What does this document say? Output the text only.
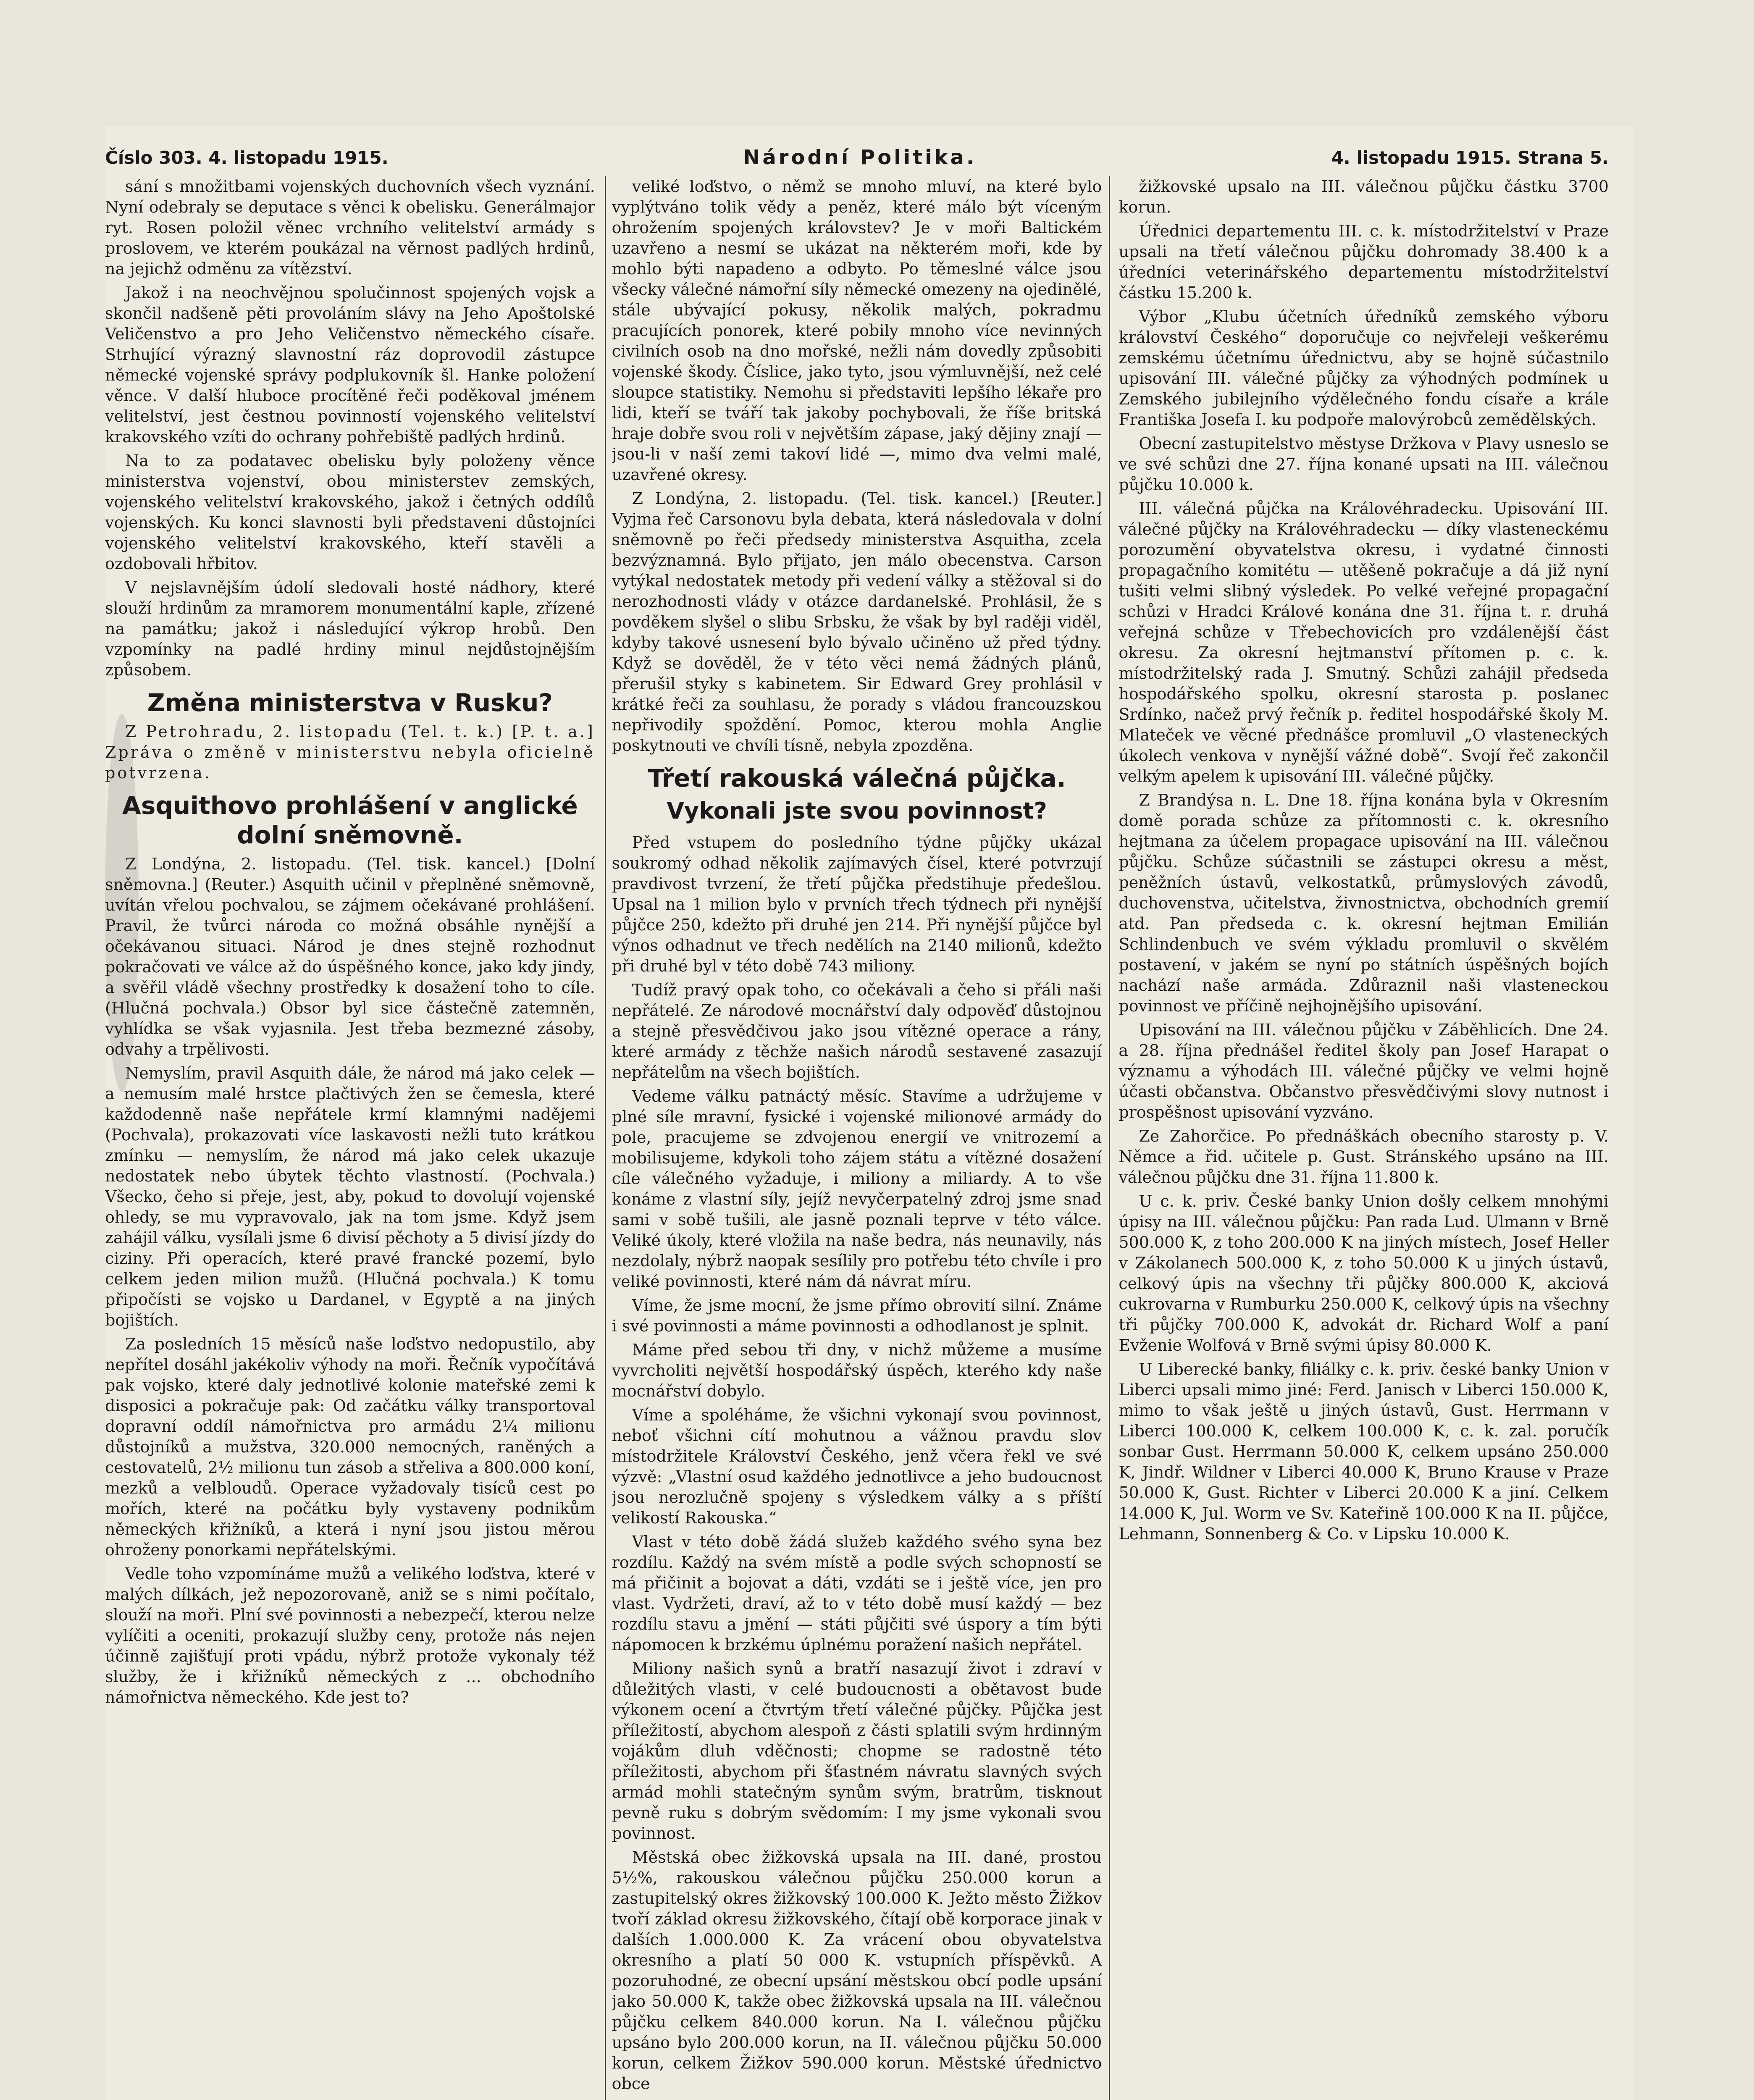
Číslo 303. 4. listopadu 1915.	Národní Politika.	4. listopadu 1915. Strana 5.

sání s množitbami vojenských duchovních všech vyznání. Nyní odebraly se deputace s věnci k obelisku. Generálmajor ryt. Rosen položil věnec vrchního velitelství armády s proslovem, ve kterém poukázal na věrnost padlých hrdinů, na jejichž odměnu za vítězství.

Jakož i na neochvějnou spolučinnost spojených vojsk a skončil nadšeně pěti provoláním slávy na Jeho Apoštolské Veličenstvo a pro Jeho Veličenstvo německého císaře. Strhující výrazný slavnostní ráz doprovodil zástupce německé vojenské správy podplukovník šl. Hanke položení věnce. V další hluboce procítěné řeči poděkoval jménem velitelství, jest čestnou povinností vojenského velitelství krakovského vzíti do ochrany pohřebiště padlých hrdinů.

Na to za podatavec obelisku byly položeny věnce ministerstva vojenství, obou ministerstev zemských, vojenského velitelství krakovského, jakož i četných oddílů vojenských. Ku konci slavnosti byli představeni důstojníci vojenského velitelství krakovského, kteří stavěli a ozdobovali hřbitov.

V nejslavnějším údolí sledovali hosté nádhory, které slouží hrdinům za mramorem monumentální kaple, zřízené na památku; jakož i následující výkrop hrobů. Den vzpomínky na padlé hrdiny minul nejdůstojnějším způsobem.

Změna ministerstva v Rusku?

Z Petrohradu, 2. listopadu (Tel. t. k.) [P. t. a.] Zpráva o změně v ministerstvu nebyla oficielně potvrzena.

Asquithovo prohlášení v anglické dolní sněmovně.

Z Londýna, 2. listopadu. (Tel. tisk. kancel.) [Dolní sněmovna.] (Reuter.) Asquith učinil v přeplněné sněmovně, uvítán vřelou pochvalou, se zájmem očekávané prohlášení. Pravil, že tvůrci národa co možná obsáhle nynější a očekávanou situaci. Národ je dnes stejně rozhodnut pokračovati ve válce až do úspěšného konce, jako kdy jindy, a svěřil vládě všechny prostředky k dosažení toho to cíle. (Hlučná pochvala.) Obsor byl sice částečně zatemněn, vyhlídka se však vyjasnila. Jest třeba bezmezné zásoby, odvahy a trpělivosti.

Nemyslím, pravil Asquith dále, že národ má jako celek — a nemusím malé hrstce plačtivých žen se čemesla, které každodenně naše nepřátele krmí klamnými nadějemi (Pochvala), prokazovati více laskavosti nežli tuto krátkou zmínku — nemyslím, že národ má jako celek ukazuje nedostatek nebo úbytek těchto vlastností. (Pochvala.) Všecko, čeho si přeje, jest, aby, pokud to dovolují vojenské ohledy, se mu vypravovalo, jak na tom jsme. Když jsem zahájil válku, vysílali jsme 6 divisí pěchoty a 5 divisí jízdy do ciziny. Při operacích, které pravé francké pozemí, bylo celkem jeden milion mužů. (Hlučná pochvala.) K tomu připočísti se vojsko u Dardanel, v Egyptě a na jiných bojištích.

Za posledních 15 měsíců naše loďstvo nedopustilo, aby nepřítel dosáhl jakékoliv výhody na moři. Řečník vypočítává pak vojsko, které daly jednotlivé kolonie mateřské zemi k disposici a pokračuje pak: Od začátku války transportoval dopravní oddíl námořnictva pro armádu 2¼ milionu důstojníků a mužstva, 320.000 nemocných, raněných a cestovatelů, 2½ milionu tun zásob a střeliva a 800.000 koní, mezků a velbloudů. Operace vyžadovaly tisíců cest po mořích, které na počátku byly vystaveny podnikům německých křižníků, a která i nyní jsou jistou měrou ohroženy ponorkami nepřátelskými.

Vedle toho vzpomínáme mužů a velikého loďstva, které v malých dílkách, jež nepozorovaně, aniž se s nimi počítalo, slouží na moři. Plní své povinnosti a nebezpečí, kterou nelze vylíčiti a oceniti, prokazují služby ceny, protože nás nejen účinně zajišťují proti vpádu, nýbrž protože vykonaly též služby, že i křižníků německých z ... obchodního námořnictva německého. Kde jest to?

veliké loďstvo, o němž se mnoho mluví, na které bylo vyplýtváno tolik vědy a peněz, které málo být víceným ohrožením spojených královstev? Je v moři Baltickém uzavřeno a nesmí se ukázat na některém moři, kde by mohlo býti napadeno a odbyto. Po těmeslné válce jsou všecky válečné námořní síly německé omezeny na ojedinělé, stále ubývající pokusy, několik malých, pokradmu pracujících ponorek, které pobily mnoho více nevinných civilních osob na dno mořské, nežli nám dovedly způsobiti vojenské škody. Číslice, jako tyto, jsou výmluvnější, než celé sloupce statistiky. Nemohu si představiti lepšího lékaře pro lidi, kteří se tváří tak jakoby pochybovali, že říše britská hraje dobře svou roli v největším zápase, jaký dějiny znají — jsou-li v naší zemi takoví lidé —, mimo dva velmi malé, uzavřené okresy.

Z Londýna, 2. listopadu. (Tel. tisk. kancel.) [Reuter.] Vyjma řeč Carsonovu byla debata, která následovala v dolní sněmovně po řeči předsedy ministerstva Asquitha, zcela bezvýznamná. Bylo přijato, jen málo obecenstva. Carson vytýkal nedostatek metody při vedení války a stěžoval si do nerozhodnosti vlády v otázce dardanelské. Prohlásil, že s povděkem slyšel o slibu Srbsku, že však by byl raději viděl, kdyby takové usnesení bylo bývalo učiněno už před týdny. Když se dověděl, že v této věci nemá žádných plánů, přerušil styky s kabinetem. Sir Edward Grey prohlásil v krátké řeči za souhlasu, že porady s vládou francouzskou nepřivodily spoždění. Pomoc, kterou mohla Anglie poskytnouti ve chvíli tísně, nebyla zpozděna.

Třetí rakouská válečná půjčka.
Vykonali jste svou povinnost?

Před vstupem do posledního týdne půjčky ukázal soukromý odhad několik zajímavých čísel, které potvrzují pravdivost tvrzení, že třetí půjčka předstihuje předešlou. Upsal na 1 milion bylo v prvních třech týdnech při nynější půjčce 250, kdežto při druhé jen 214. Při nynější půjčce byl výnos odhadnut ve třech nedělích na 2140 milionů, kdežto při druhé byl v této době 743 miliony.

Tudíž pravý opak toho, co očekávali a čeho si přáli naši nepřátelé. Ze národové mocnářství daly odpověď důstojnou a stejně přesvědčivou jako jsou vítězné operace a rány, které armády z těchže našich národů sestavené zasazují nepřátelům na všech bojištích.

Vedeme válku patnáctý měsíc. Stavíme a udržujeme v plné síle mravní, fysické i vojenské milionové armády do pole, pracujeme se zdvojenou energií ve vnitrozemí a mobilisujeme, kdykoli toho zájem státu a vítězné dosažení cíle válečného vyžaduje, i miliony a miliardy. A to vše konáme z vlastní síly, jejíž nevyčerpatelný zdroj jsme snad sami v sobě tušili, ale jasně poznali teprve v této válce. Veliké úkoly, které vložila na naše bedra, nás neunavily, nás nezdolaly, nýbrž naopak sesílily pro potřebu této chvíle i pro veliké povinnosti, které nám dá návrat míru.

Víme, že jsme mocní, že jsme přímo obrovití silní. Známe i své povinnosti a máme povinnosti a odhodlanost je splnit.

Máme před sebou tři dny, v nichž můžeme a musíme vyvrcholiti největší hospodářský úspěch, kterého kdy naše mocnářství dobylo.

Víme a spoléháme, že všichni vykonají svou povinnost, neboť všichni cítí mohutnou a vážnou pravdu slov místodržitele Království Českého, jenž včera řekl ve své výzvě: „Vlastní osud každého jednotlivce a jeho budoucnost jsou nerozlučně spojeny s výsledkem války a s příští velikostí Rakouska.“

Vlast v této době žádá služeb každého svého syna bez rozdílu. Každý na svém místě a podle svých schopností se má přičinit a bojovat a dáti, vzdáti se i ještě více, jen pro vlast. Vydržeti, draví, až to v této době musí každý — bez rozdílu stavu a jmění — státi půjčiti své úspory a tím býti nápomocen k brzkému úplnému poražení našich nepřátel.

Miliony našich synů a bratří nasazují život i zdraví v důležitých vlasti, v celé budoucnosti a obětavost bude výkonem ocení a čtvrtým třetí válečné půjčky. Půjčka jest příležitostí, abychom alespoň z části splatili svým hrdinným vojákům dluh vděčnosti; chopme se radostně této příležitosti, abychom při šťastném návratu slavných svých armád mohli statečným synům svým, bratrům, tisknout pevně ruku s dobrým svědomím: I my jsme vykonali svou povinnost.

Městská obec žižkovská upsala na III. dané, prostou 5½%, rakouskou válečnou půjčku 250.000 korun a zastupitelský okres žižkovský 100.000 K. Ježto město Žižkov tvoří základ okresu žižkovského, čítají obě korporace jinak v dalších 1.000.000 K. Za vrácení obou obyvatelstva okresního a platí 50 000 K. vstupních příspěvků. A pozoruhodné, ze obecní upsání městskou obcí podle upsání jako 50.000 K, takže obec žižkovská upsala na III. válečnou půjčku celkem 840.000 korun. Na I. válečnou půjčku upsáno bylo 200.000 korun, na II. válečnou půjčku 50.000 korun, celkem Žižkov 590.000 korun. Městské úřednictvo obce

žižkovské upsalo na III. válečnou půjčku částku 3700 korun.

Úřednici departementu III. c. k. místodržitelství v Praze upsali na třetí válečnou půjčku dohromady 38.400 k a úředníci veterinářského departementu místodržitelství částku 15.200 k.

Výbor „Klubu účetních úředníků zemského výboru království Českého“ doporučuje co nejvřeleji veškerému zemskému účetnímu úřednictvu, aby se hojně súčastnilo upisování III. válečné půjčky za výhodných podmínek u Zemského jubilejního výdělečného fondu císaře a krále Františka Josefa I. ku podpoře malovýrobců zemědělských.

Obecní zastupitelstvo městyse Držkova v Plavy usneslo se ve své schůzi dne 27. října konané upsati na III. válečnou půjčku 10.000 k.

III. válečná půjčka na Královéhradecku. Upisování III. válečné půjčky na Královéhradecku — díky vlasteneckému porozumění obyvatelstva okresu, i vydatné činnosti propagačního komitétu — utěšeně pokračuje a dá již nyní tušiti velmi slibný výsledek. Po velké veřejné propagační schůzi v Hradci Králové konána dne 31. října t. r. druhá veřejná schůze v Třebechovicích pro vzdálenější část okresu. Za okresní hejtmanství přítomen p. c. k. místodržitelský rada J. Smutný. Schůzi zahájil předseda hospodářského spolku, okresní starosta p. poslanec Srdínko, načež prvý řečník p. ředitel hospodářské školy M. Mlateček ve věcné přednášce promluvil „O vlasteneckých úkolech venkova v nynější vážné době“. Svojí řeč zakončil velkým apelem k upisování III. válečné půjčky.

Z Brandýsa n. L. Dne 18. října konána byla v Okresním domě porada schůze za přítomnosti c. k. okresního hejtmana za účelem propagace upisování na III. válečnou půjčku. Schůze súčastnili se zástupci okresu a měst, peněžních ústavů, velkostatků, průmyslových závodů, duchovenstva, učitelstva, živnostnictva, obchodních gremií atd. Pan předseda c. k. okresní hejtman Emilián Schlindenbuch ve svém výkladu promluvil o skvělém postavení, v jakém se nyní po státních úspěšných bojích nachází naše armáda. Zdůraznil naši vlasteneckou povinnost ve příčině nejhojnějšího upisování.

Upisování na III. válečnou půjčku v Záběhlicích. Dne 24. a 28. října přednášel ředitel školy pan Josef Harapat o významu a výhodách III. válečné půjčky ve velmi hojně účasti občanstva. Občanstvo přesvědčivými slovy nutnost i prospěšnost upisování vyzváno.

Ze Zahorčice. Po přednáškách obecního starosty p. V. Němce a řid. učitele p. Gust. Stránského upsáno na III. válečnou půjčku dne 31. října 11.800 k.

U c. k. priv. České banky Union došly celkem mnohými úpisy na III. válečnou půjčku: Pan rada Lud. Ulmann v Brně 500.000 K, z toho 200.000 K na jiných místech, Josef Heller v Zákolanech 500.000 K, z toho 50.000 K u jiných ústavů, celkový úpis na všechny tři půjčky 800.000 K, akciová cukrovarna v Rumburku 250.000 K, celkový úpis na všechny tři půjčky 700.000 K, advokát dr. Richard Wolf a paní Evženie Wolfová v Brně svými úpisy 80.000 K.

U Liberecké banky, filiálky c. k. priv. české banky Union v Liberci upsali mimo jiné: Ferd. Janisch v Liberci 150.000 K, mimo to však ještě u jiných ústavů, Gust. Herrmann v Liberci 100.000 K, celkem 100.000 K, c. k. zal. poručík sonbar Gust. Herrmann 50.000 K, celkem upsáno 250.000 K, Jindř. Wildner v Liberci 40.000 K, Bruno Krause v Praze 50.000 K, Gust. Richter v Liberci 20.000 K a jiní. Celkem 14.000 K, Jul. Worm ve Sv. Kateřině 100.000 K na II. půjčce, Lehmann, Sonnenberg & Co. v Lipsku 10.000 K.
